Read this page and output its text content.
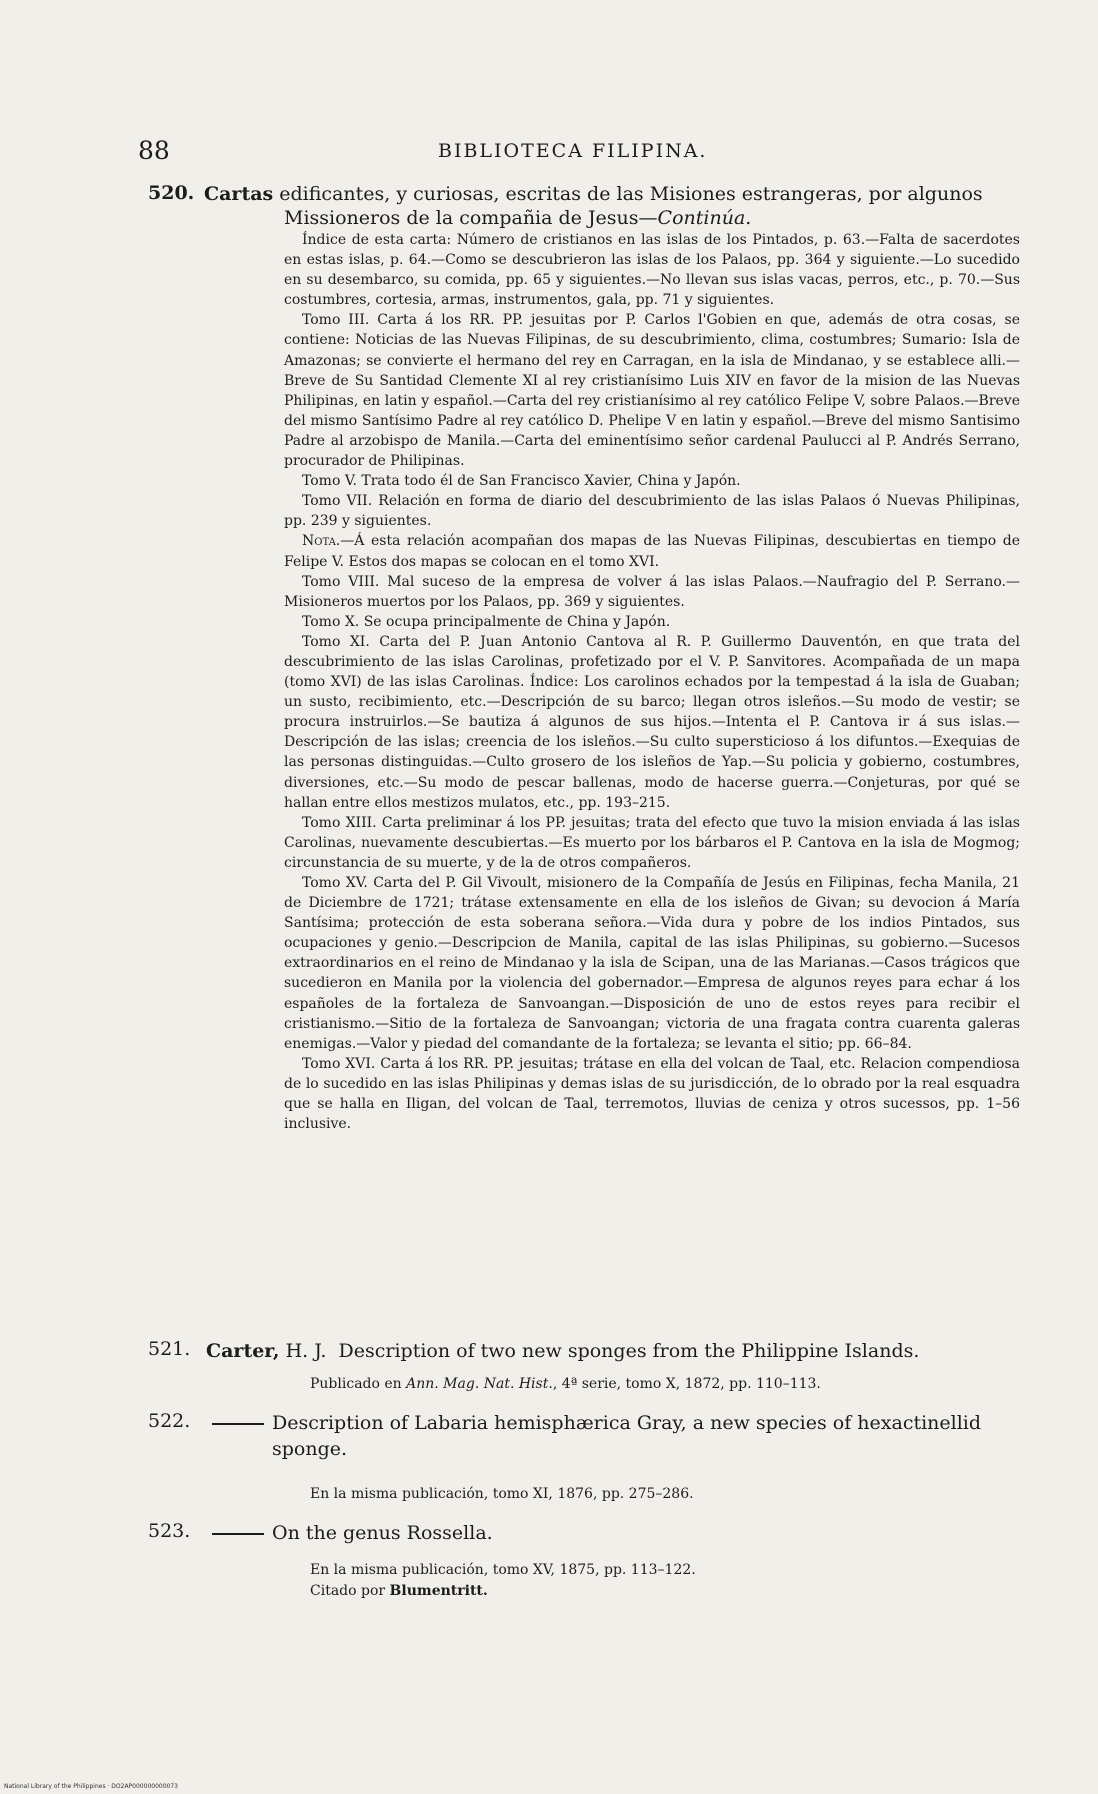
88	BIBLIOTECA FILIPINA.
520. Cartas edificantes, y curiosas, escritas de las Misiones estrangeras, por algunos Missioneros de la compañia de Jesus—Continúa.

Índice de esta carta: Número de cristianos en las islas de los Pintados, p. 63.—Falta de sacerdotes en estas islas, p. 64.—Como se descubrieron las islas de los Palaos, pp. 364 y siguiente.—Lo sucedido en su desembarco, su comida, pp. 65 y siguientes.—No llevan sus islas vacas, perros, etc., p. 70.—Sus costumbres, cortesia, armas, instrumentos, gala, pp. 71 y siguientes.

Tomo III. Carta á los RR. PP. jesuitas por P. Carlos l'Gobien en que, además de otra cosas, se contiene: Noticias de las Nuevas Filipinas, de su descubrimiento, clima, costumbres; Sumario: Isla de Amazonas; se convierte el hermano del rey en Carragan, en la isla de Mindanao, y se establece alli.—Breve de Su Santidad Clemente XI al rey cristianísimo Luis XIV en favor de la mision de las Nuevas Philipinas, en latin y español.—Carta del rey cristianísimo al rey católico Felipe V, sobre Palaos.—Breve del mismo Santísimo Padre al rey católico D. Phelipe V en latin y español.—Breve del mismo Santisimo Padre al arzobispo de Manila.—Carta del eminentísimo señor cardenal Paulucci al P. Andrés Serrano, procurador de Philipinas.

Tomo V. Trata todo él de San Francisco Xavier, China y Japón.

Tomo VII. Relación en forma de diario del descubrimiento de las islas Palaos ó Nuevas Philipinas, pp. 239 y siguientes.

Nota.—Á esta relación acompañan dos mapas de las Nuevas Filipinas, descubiertas en tiempo de Felipe V. Estos dos mapas se colocan en el tomo XVI.

Tomo VIII. Mal suceso de la empresa de volver á las islas Palaos.—Naufragio del P. Serrano.—Misioneros muertos por los Palaos, pp. 369 y siguientes.

Tomo X. Se ocupa principalmente de China y Japón.

Tomo XI. Carta del P. Juan Antonio Cantova al R. P. Guillermo Dauventón, en que trata del descubrimiento de las islas Carolinas, profetizado por el V. P. Sanvitores. Acompañada de un mapa (tomo XVI) de las islas Carolinas. Índice: Los carolinos echados por la tempestad á la isla de Guaban; un susto, recibimiento, etc.—Descripción de su barco; llegan otros isleños.—Su modo de vestir; se procura instruirlos.—Se bautiza á algunos de sus hijos.—Intenta el P. Cantova ir á sus islas.—Descripción de las islas; creencia de los isleños.—Su culto supersticioso á los difuntos.—Exequias de las personas distinguidas.—Culto grosero de los isleños de Yap.—Su policia y gobierno, costumbres, diversiones, etc.—Su modo de pescar ballenas, modo de hacerse guerra.—Conjeturas, por qué se hallan entre ellos mestizos mulatos, etc., pp. 193–215.

Tomo XIII. Carta preliminar á los PP. jesuitas; trata del efecto que tuvo la mision enviada á las islas Carolinas, nuevamente descubiertas.—Es muerto por los bárbaros el P. Cantova en la isla de Mogmog; circunstancia de su muerte, y de la de otros compañeros.

Tomo XV. Carta del P. Gil Vivoult, misionero de la Compañía de Jesús en Filipinas, fecha Manila, 21 de Diciembre de 1721; trátase extensamente en ella de los isleños de Givan; su devocion á María Santísima; protección de esta soberana señora.—Vida dura y pobre de los indios Pintados, sus ocupaciones y genio.—Descripcion de Manila, capital de las islas Philipinas, su gobierno.—Sucesos extraordinarios en el reino de Mindanao y la isla de Scipan, una de las Marianas.—Casos trágicos que sucedieron en Manila por la violencia del gobernador.—Empresa de algunos reyes para echar á los españoles de la fortaleza de Sanvoangan.—Disposición de uno de estos reyes para recibir el cristianismo.—Sitio de la fortaleza de Sanvoangan; victoria de una fragata contra cuarenta galeras enemigas.—Valor y piedad del comandante de la fortaleza; se levanta el sitio; pp. 66–84.

Tomo XVI. Carta á los RR. PP. jesuitas; trátase en ella del volcan de Taal, etc. Relacion compendiosa de lo sucedido en las islas Philipinas y demas islas de su jurisdicción, de lo obrado por la real esquadra que se halla en Iligan, del volcan de Taal, terremotos, lluvias de ceniza y otros sucessos, pp. 1–56 inclusive.

521. Carter, H. J. Description of two new sponges from the Philippine Islands.

Publicado en Ann. Mag. Nat. Hist., 4ª serie, tomo X, 1872, pp. 110–113.

522.	Description of Labaria hemisphærica Gray, a new species of hexactinellid sponge.

En la misma publicación, tomo XI, 1876, pp. 275–286.

523.	On the genus Rossella.

En la misma publicación, tomo XV, 1875, pp. 113–122.

Citado por Blumentritt.

National Library of the Philippines · DO2AP000000000073
